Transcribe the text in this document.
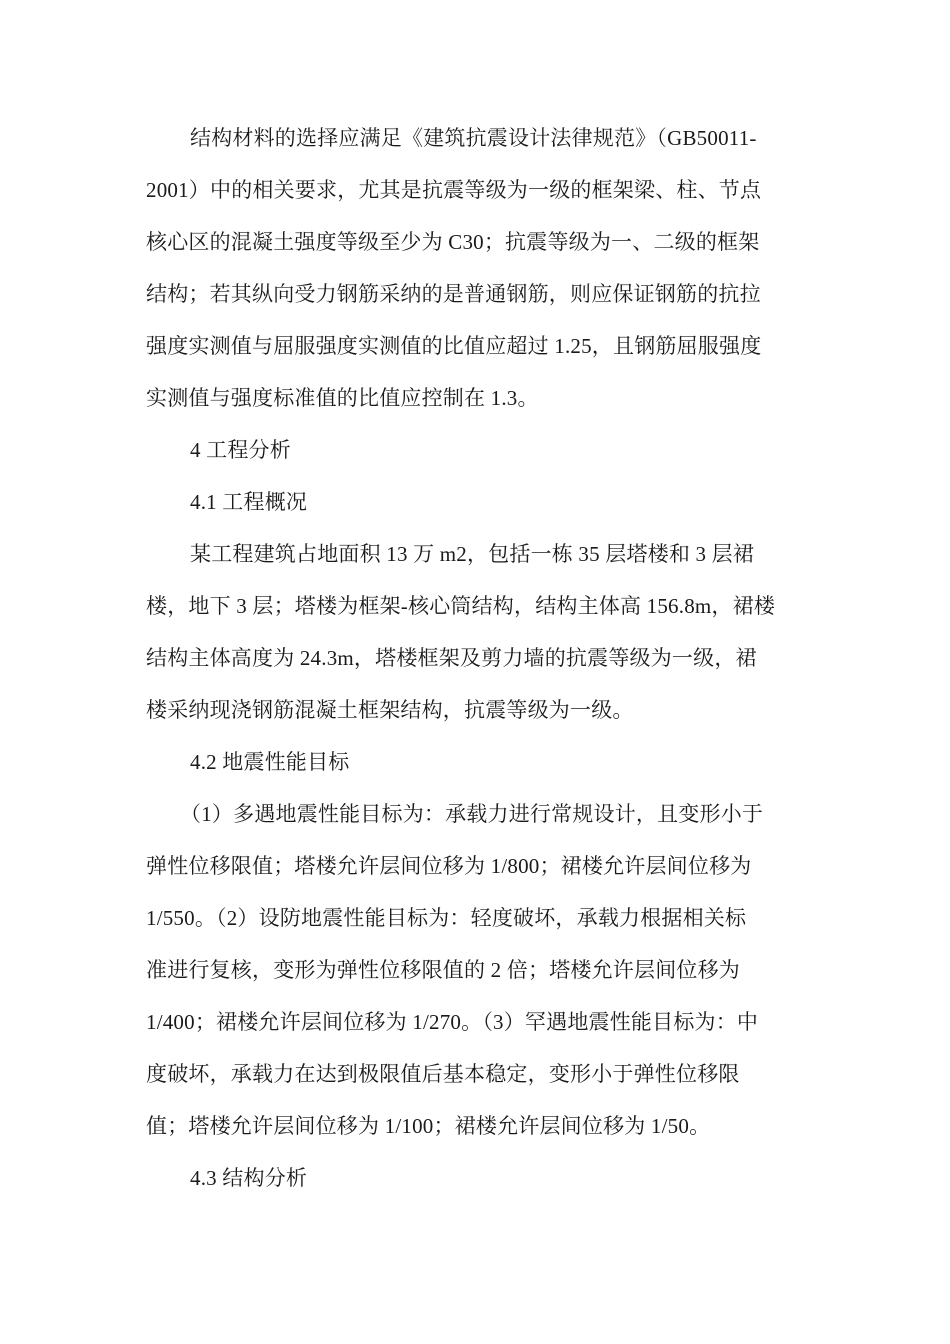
结构材料的选择应满足《建筑抗震设计法律规范》（GB50011-
2001）中的相关要求，尤其是抗震等级为一级的框架梁、柱、节点
核心区的混凝土强度等级至少为 C30；抗震等级为一、二级的框架
结构；若其纵向受力钢筋采纳的是普通钢筋，则应保证钢筋的抗拉
强度实测值与屈服强度实测值的比值应超过 1.25，且钢筋屈服强度
实测值与强度标准值的比值应控制在 1.3。
4 工程分析
4.1 工程概况
某工程建筑占地面积 13 万 m2，包括一栋 35 层塔楼和 3 层裙
楼，地下 3 层；塔楼为框架-核心筒结构，结构主体高 156.8m，裙楼
结构主体高度为 24.3m，塔楼框架及剪力墙的抗震等级为一级，裙
楼采纳现浇钢筋混凝土框架结构，抗震等级为一级。
4.2 地震性能目标
（1）多遇地震性能目标为：承载力进行常规设计，且变形小于
弹性位移限值；塔楼允许层间位移为 1/800；裙楼允许层间位移为
1/550。（2）设防地震性能目标为：轻度破坏，承载力根据相关标
准进行复核，变形为弹性位移限值的 2 倍；塔楼允许层间位移为
1/400；裙楼允许层间位移为 1/270。（3）罕遇地震性能目标为：中
度破坏，承载力在达到极限值后基本稳定，变形小于弹性位移限
值；塔楼允许层间位移为 1/100；裙楼允许层间位移为 1/50。
4.3 结构分析
